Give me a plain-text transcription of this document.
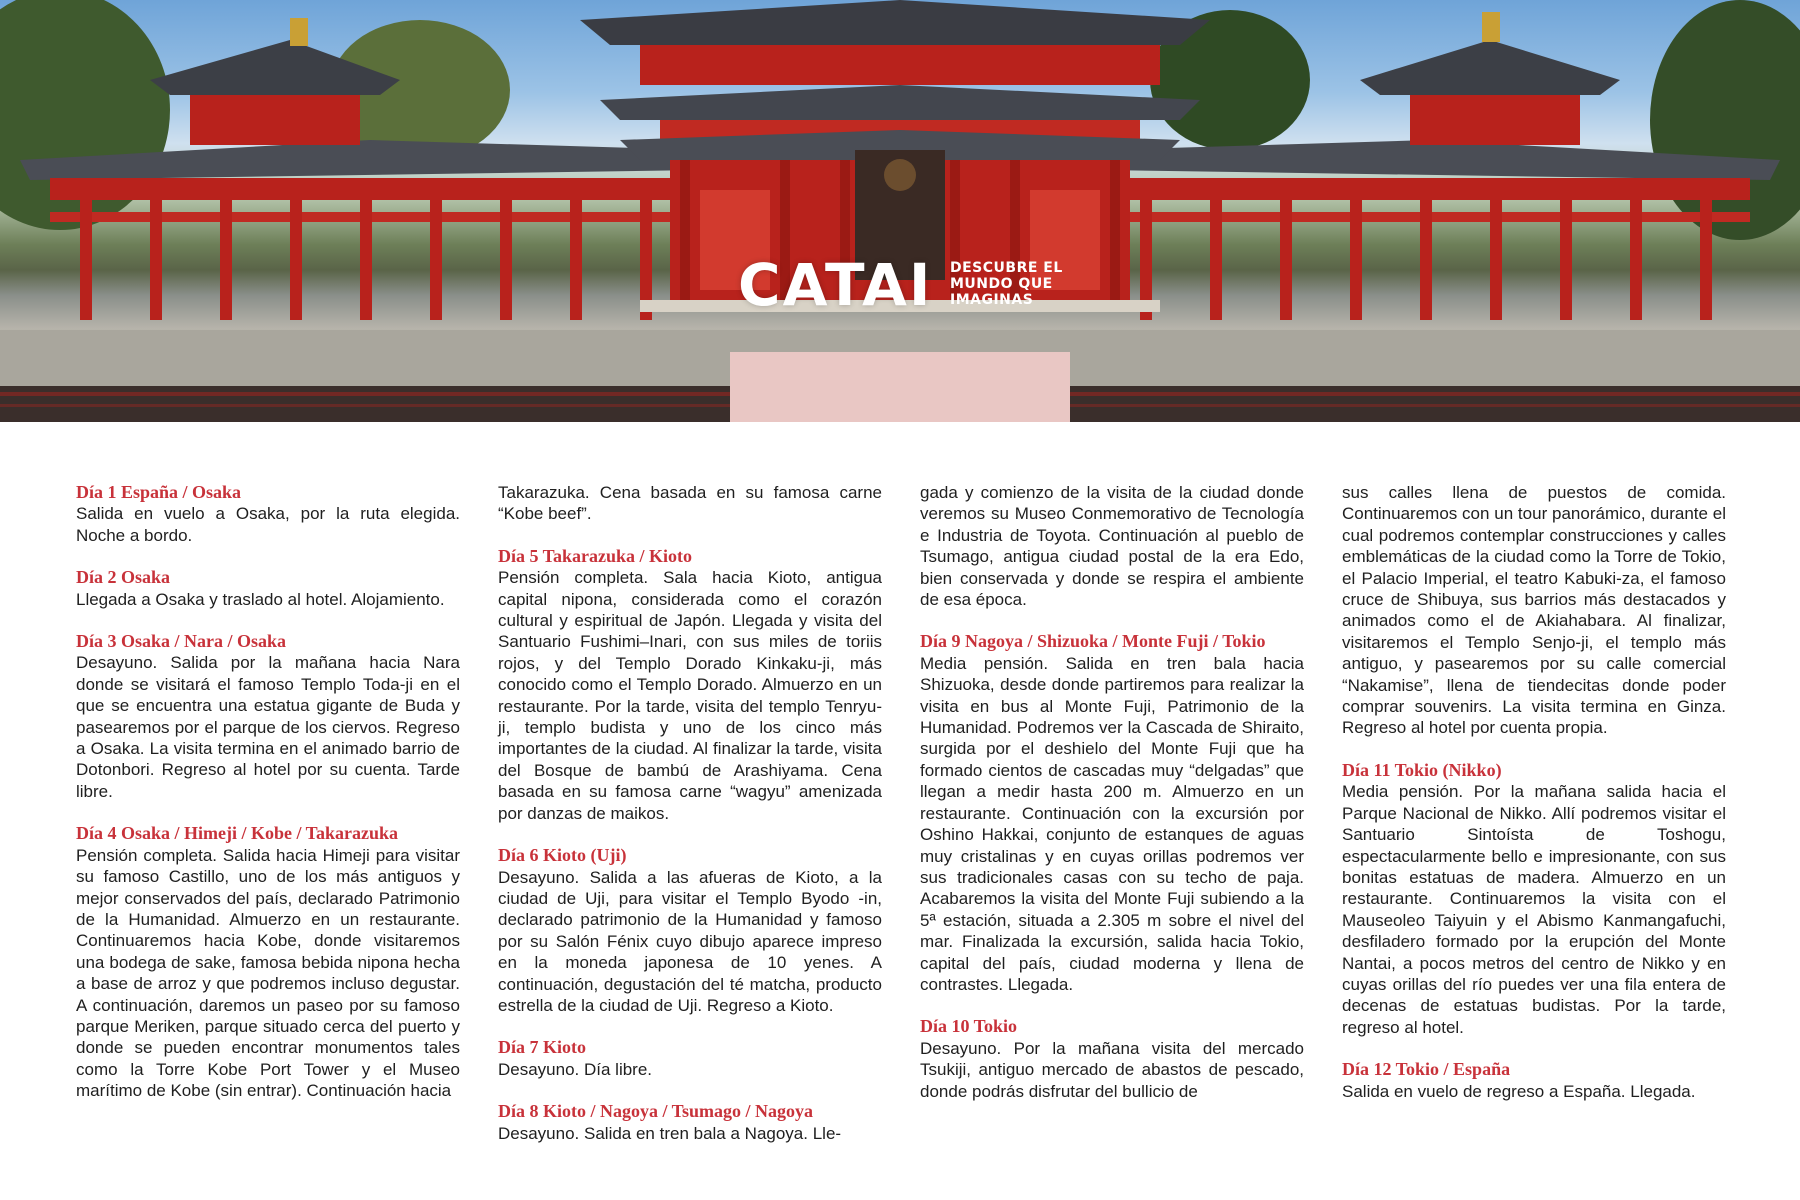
CATAI DESCUBRE EL
MUNDO QUE
IMAGINAS
Día 1 España / Osaka
Salida en vuelo a Osaka, por la ruta elegida. Noche a bordo.
Día 2 Osaka
Llegada a Osaka y traslado al hotel. Alojamiento.
Día 3 Osaka / Nara / Osaka
Desayuno. Salida por la mañana hacia Nara donde se visitará el famoso Templo Toda-ji en el que se encuentra una estatua gigante de Buda y pasearemos por el parque de los ciervos. Regreso a Osaka. La visita termina en el animado barrio de Dotonbori. Regreso al hotel por su cuenta. Tarde libre.
Día 4 Osaka / Himeji / Kobe / Takarazuka
Pensión completa. Salida hacia Himeji para visitar su famoso Castillo, uno de los más antiguos y mejor conservados del país, declarado Patrimonio de la Humanidad. Almuerzo en un restaurante. Continuaremos hacia Kobe, donde visitaremos una bodega de sake, famosa bebida nipona hecha a base de arroz y que podremos incluso degustar. A continuación, daremos un paseo por su famoso parque Meriken, parque situado cerca del puerto y donde se pueden encontrar monumentos tales como la Torre Kobe Port Tower y el Museo marítimo de Kobe (sin entrar). Continuación hacia
Takarazuka. Cena basada en su famosa carne “Kobe beef”.
Día 5 Takarazuka / Kioto
Pensión completa. Sala hacia Kioto, antigua capital nipona, considerada como el corazón cultural y espiritual de Japón. Llegada y visita del Santuario Fushimi–Inari, con sus miles de toriis rojos, y del Templo Dorado Kinkaku-ji, más conocido como el Templo Dorado. Almuerzo en un restaurante. Por la tarde, visita del templo Tenryu-ji, templo budista y uno de los cinco más importantes de la ciudad. Al finalizar la tarde, visita del Bosque de bambú de Arashiyama. Cena basada en su famosa carne “wagyu” amenizada por danzas de maikos.
Día 6 Kioto (Uji)
Desayuno. Salida a las afueras de Kioto, a la ciudad de Uji, para visitar el Templo Byodo -in, declarado patrimonio de la Humanidad y famoso por su Salón Fénix cuyo dibujo aparece impreso en la moneda japonesa de 10 yenes. A continuación, degustación del té matcha, producto estrella de la ciudad de Uji. Regreso a Kioto.
Día 7 Kioto
Desayuno. Día libre.
Día 8 Kioto / Nagoya / Tsumago / Nagoya
Desayuno. Salida en tren bala a Nagoya. Lle-
gada y comienzo de la visita de la ciudad donde veremos su Museo Conmemorativo de Tecnología e Industria de Toyota. Continuación al pueblo de Tsumago, antigua ciudad postal de la era Edo, bien conservada y donde se respira el ambiente de esa época.
Día 9 Nagoya / Shizuoka / Monte Fuji / Tokio
Media pensión. Salida en tren bala hacia Shizuoka, desde donde partiremos para realizar la visita en bus al Monte Fuji, Patrimonio de la Humanidad. Podremos ver la Cascada de Shiraito, surgida por el deshielo del Monte Fuji que ha formado cientos de cascadas muy “delgadas” que llegan a medir hasta 200 m. Almuerzo en un restaurante. Continuación con la excursión por Oshino Hakkai, conjunto de estanques de aguas muy cristalinas y en cuyas orillas podremos ver sus tradicionales casas con su techo de paja. Acabaremos la visita del Monte Fuji subiendo a la 5ª estación, situada a 2.305 m sobre el nivel del mar. Finalizada la excursión, salida hacia Tokio, capital del país, ciudad moderna y llena de contrastes. Llegada.
Día 10 Tokio
Desayuno. Por la mañana visita del mercado Tsukiji, antiguo mercado de abastos de pescado, donde podrás disfrutar del bullicio de
sus calles llena de puestos de comida. Continuaremos con un tour panorámico, durante el cual podremos contemplar construcciones y calles emblemáticas de la ciudad como la Torre de Tokio, el Palacio Imperial, el teatro Kabuki-za, el famoso cruce de Shibuya, sus barrios más destacados y animados como el de Akiahabara. Al finalizar, visitaremos el Templo Senjo-ji, el templo más antiguo, y pasearemos por su calle comercial “Nakamise”, llena de tiendecitas donde poder comprar souvenirs. La visita termina en Ginza. Regreso al hotel por cuenta propia.
Día 11 Tokio (Nikko)
Media pensión. Por la mañana salida hacia el Parque Nacional de Nikko. Allí podremos visitar el Santuario Sintoísta de Toshogu, espectacularmente bello e impresionante, con sus bonitas estatuas de madera. Almuerzo en un restaurante. Continuaremos la visita con el Mauseoleo Taiyuin y el Abismo Kanmangafuchi, desfiladero formado por la erupción del Monte Nantai, a pocos metros del centro de Nikko y en cuyas orillas del río puedes ver una fila entera de decenas de estatuas budistas. Por la tarde, regreso al hotel.
Día 12 Tokio / España
Salida en vuelo de regreso a España. Llegada.
